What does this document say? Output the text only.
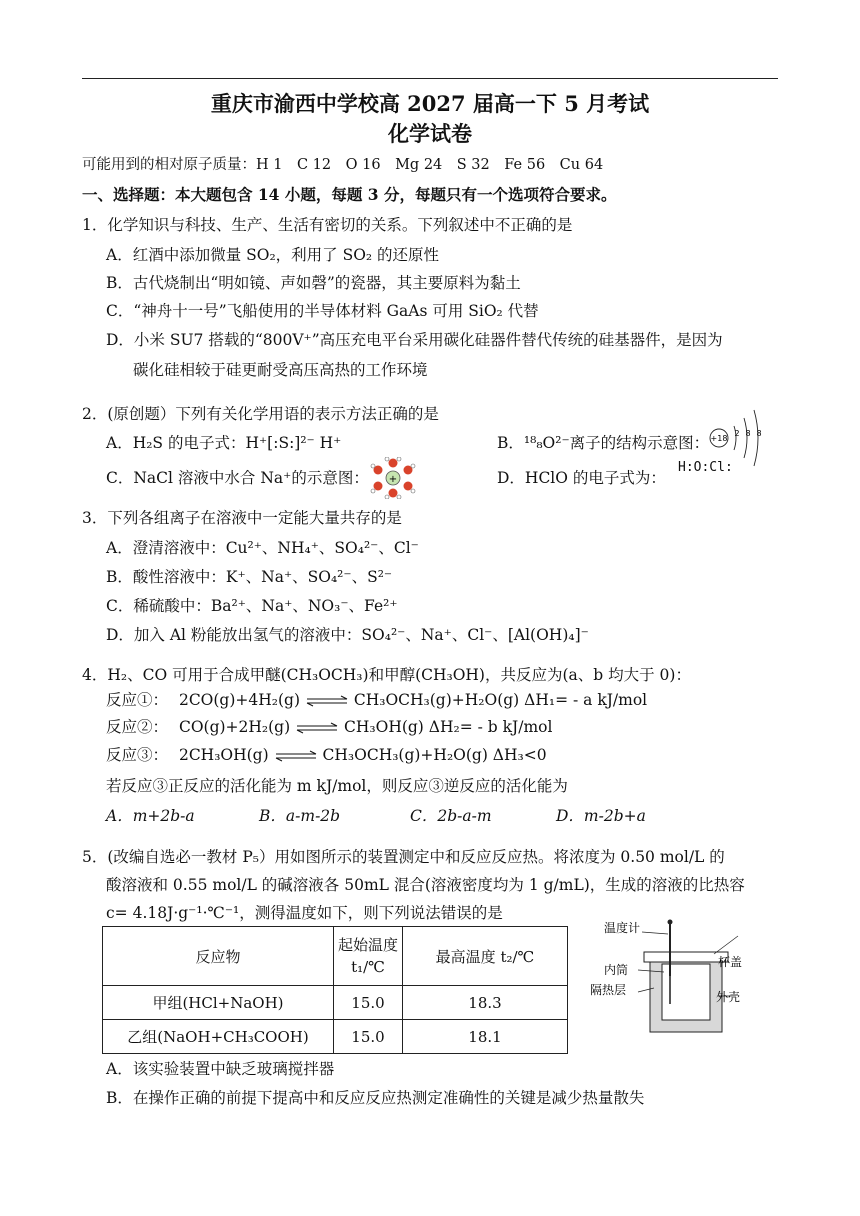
重庆市渝西中学校高 2027 届高一下 5 月考试
化学试卷
可能用到的相对原子质量：H 1　C 12　O 16　Mg 24　S 32　Fe 56　Cu 64
一、选择题：本大题包含 14 小题，每题 3 分，每题只有一个选项符合要求。
1．化学知识与科技、生产、生活有密切的关系。下列叙述中不正确的是
A．红酒中添加微量 SO₂，利用了 SO₂ 的还原性
B．古代烧制出“明如镜、声如磬”的瓷器，其主要原料为黏土
C．“神舟十一号”飞船使用的半导体材料 GaAs 可用 SiO₂ 代替
D．小米 SU7 搭载的“800V⁺”高压充电平台采用碳化硅器件替代传统的硅基器件，是因为
碳化硅相较于硅更耐受高压高热的工作环境
2．(原创题）下列有关化学用语的表示方法正确的是
A．H₂S 的电子式：H⁺[:S:]²⁻ H⁺	B．¹⁸₈O²⁻离子的结构示意图： +18
2 8 8
C．NaCl 溶液中水合 Na⁺的示意图： +	D．HClO 的电子式为：
H:O:Cl:
3．下列各组离子在溶液中一定能大量共存的是
A．澄清溶液中：Cu²⁺、NH₄⁺、SO₄²⁻、Cl⁻
B．酸性溶液中：K⁺、Na⁺、SO₄²⁻、S²⁻
C．稀硫酸中：Ba²⁺、Na⁺、NO₃⁻、Fe²⁺
D．加入 Al 粉能放出氢气的溶液中：SO₄²⁻、Na⁺、Cl⁻、[Al(OH)₄]⁻
4．H₂、CO 可用于合成甲醚(CH₃OCH₃)和甲醇(CH₃OH)，共反应为(a、b 均大于 0)：
反应①： 2CO(g)+4H₂(g) ⇌ CH₃OCH₃(g)+H₂O(g) ΔH₁= - a kJ/mol
反应②： CO(g)+2H₂(g) ⇌ CH₃OH(g) ΔH₂= - b kJ/mol
反应③： 2CH₃OH(g) ⇌ CH₃OCH₃(g)+H₂O(g) ΔH₃<0
若反应③正反应的活化能为 m kJ/mol，则反应③逆反应的活化能为
A．m+2b-a	B．a-m-2b	C．2b-a-m	D．m-2b+a
5．(改编自选必一教材 P₅）用如图所示的装置测定中和反应反应热。将浓度为 0.50 mol/L 的
酸溶液和 0.55 mol/L 的碱溶液各 50mL 混合(溶液密度均为 1 g/mL)，生成的溶液的比热容
c= 4.18J·g⁻¹·℃⁻¹，测得温度如下，则下列说法错误的是
反应物	起始温度 t₁/℃	最高温度 t₂/℃
甲组(HCl+NaOH)	15.0	18.3
乙组(NaOH+CH₃COOH)	15.0	18.1
温度计
杯盖
内筒
隔热层	外壳
A．该实验装置中缺乏玻璃搅拌器
B．在操作正确的前提下提高中和反应反应热测定准确性的关键是减少热量散失
